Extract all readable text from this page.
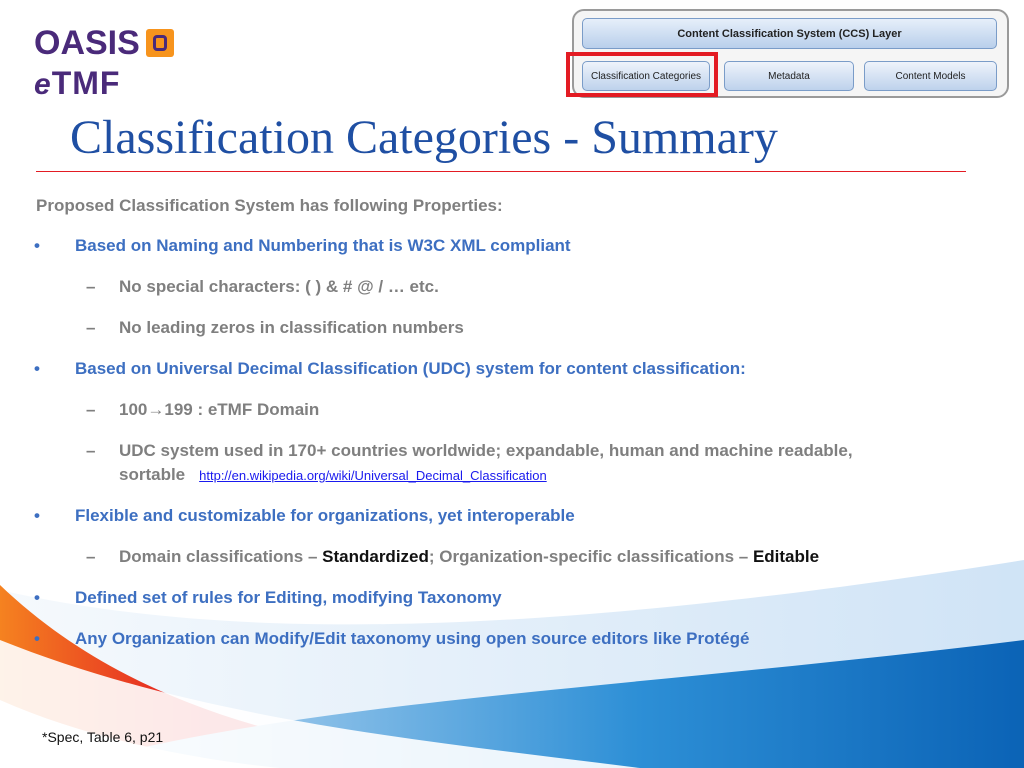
OASIS
eTMF
Content Classification System (CCS) Layer
Classification Categories	Metadata	Content Models
Classification Categories - Summary
Proposed Classification System has following Properties:
• Based on Naming and Numbering that is W3C XML compliant
– No special characters: ( ) & # @ / … etc.
– No leading zeros in classification numbers
• Based on Universal Decimal Classification (UDC) system for content classification:
– 100→199 : eTMF Domain
– UDC system used in 170+ countries worldwide; expandable, human and machine readable,
sortable http://en.wikipedia.org/wiki/Universal_Decimal_Classification
• Flexible and customizable for organizations, yet interoperable
– Domain classifications – Standardized; Organization-specific classifications – Editable
• Defined set of rules for Editing, modifying Taxonomy
• Any Organization can Modify/Edit taxonomy using open source editors like Protégé
*Spec, Table 6, p21
